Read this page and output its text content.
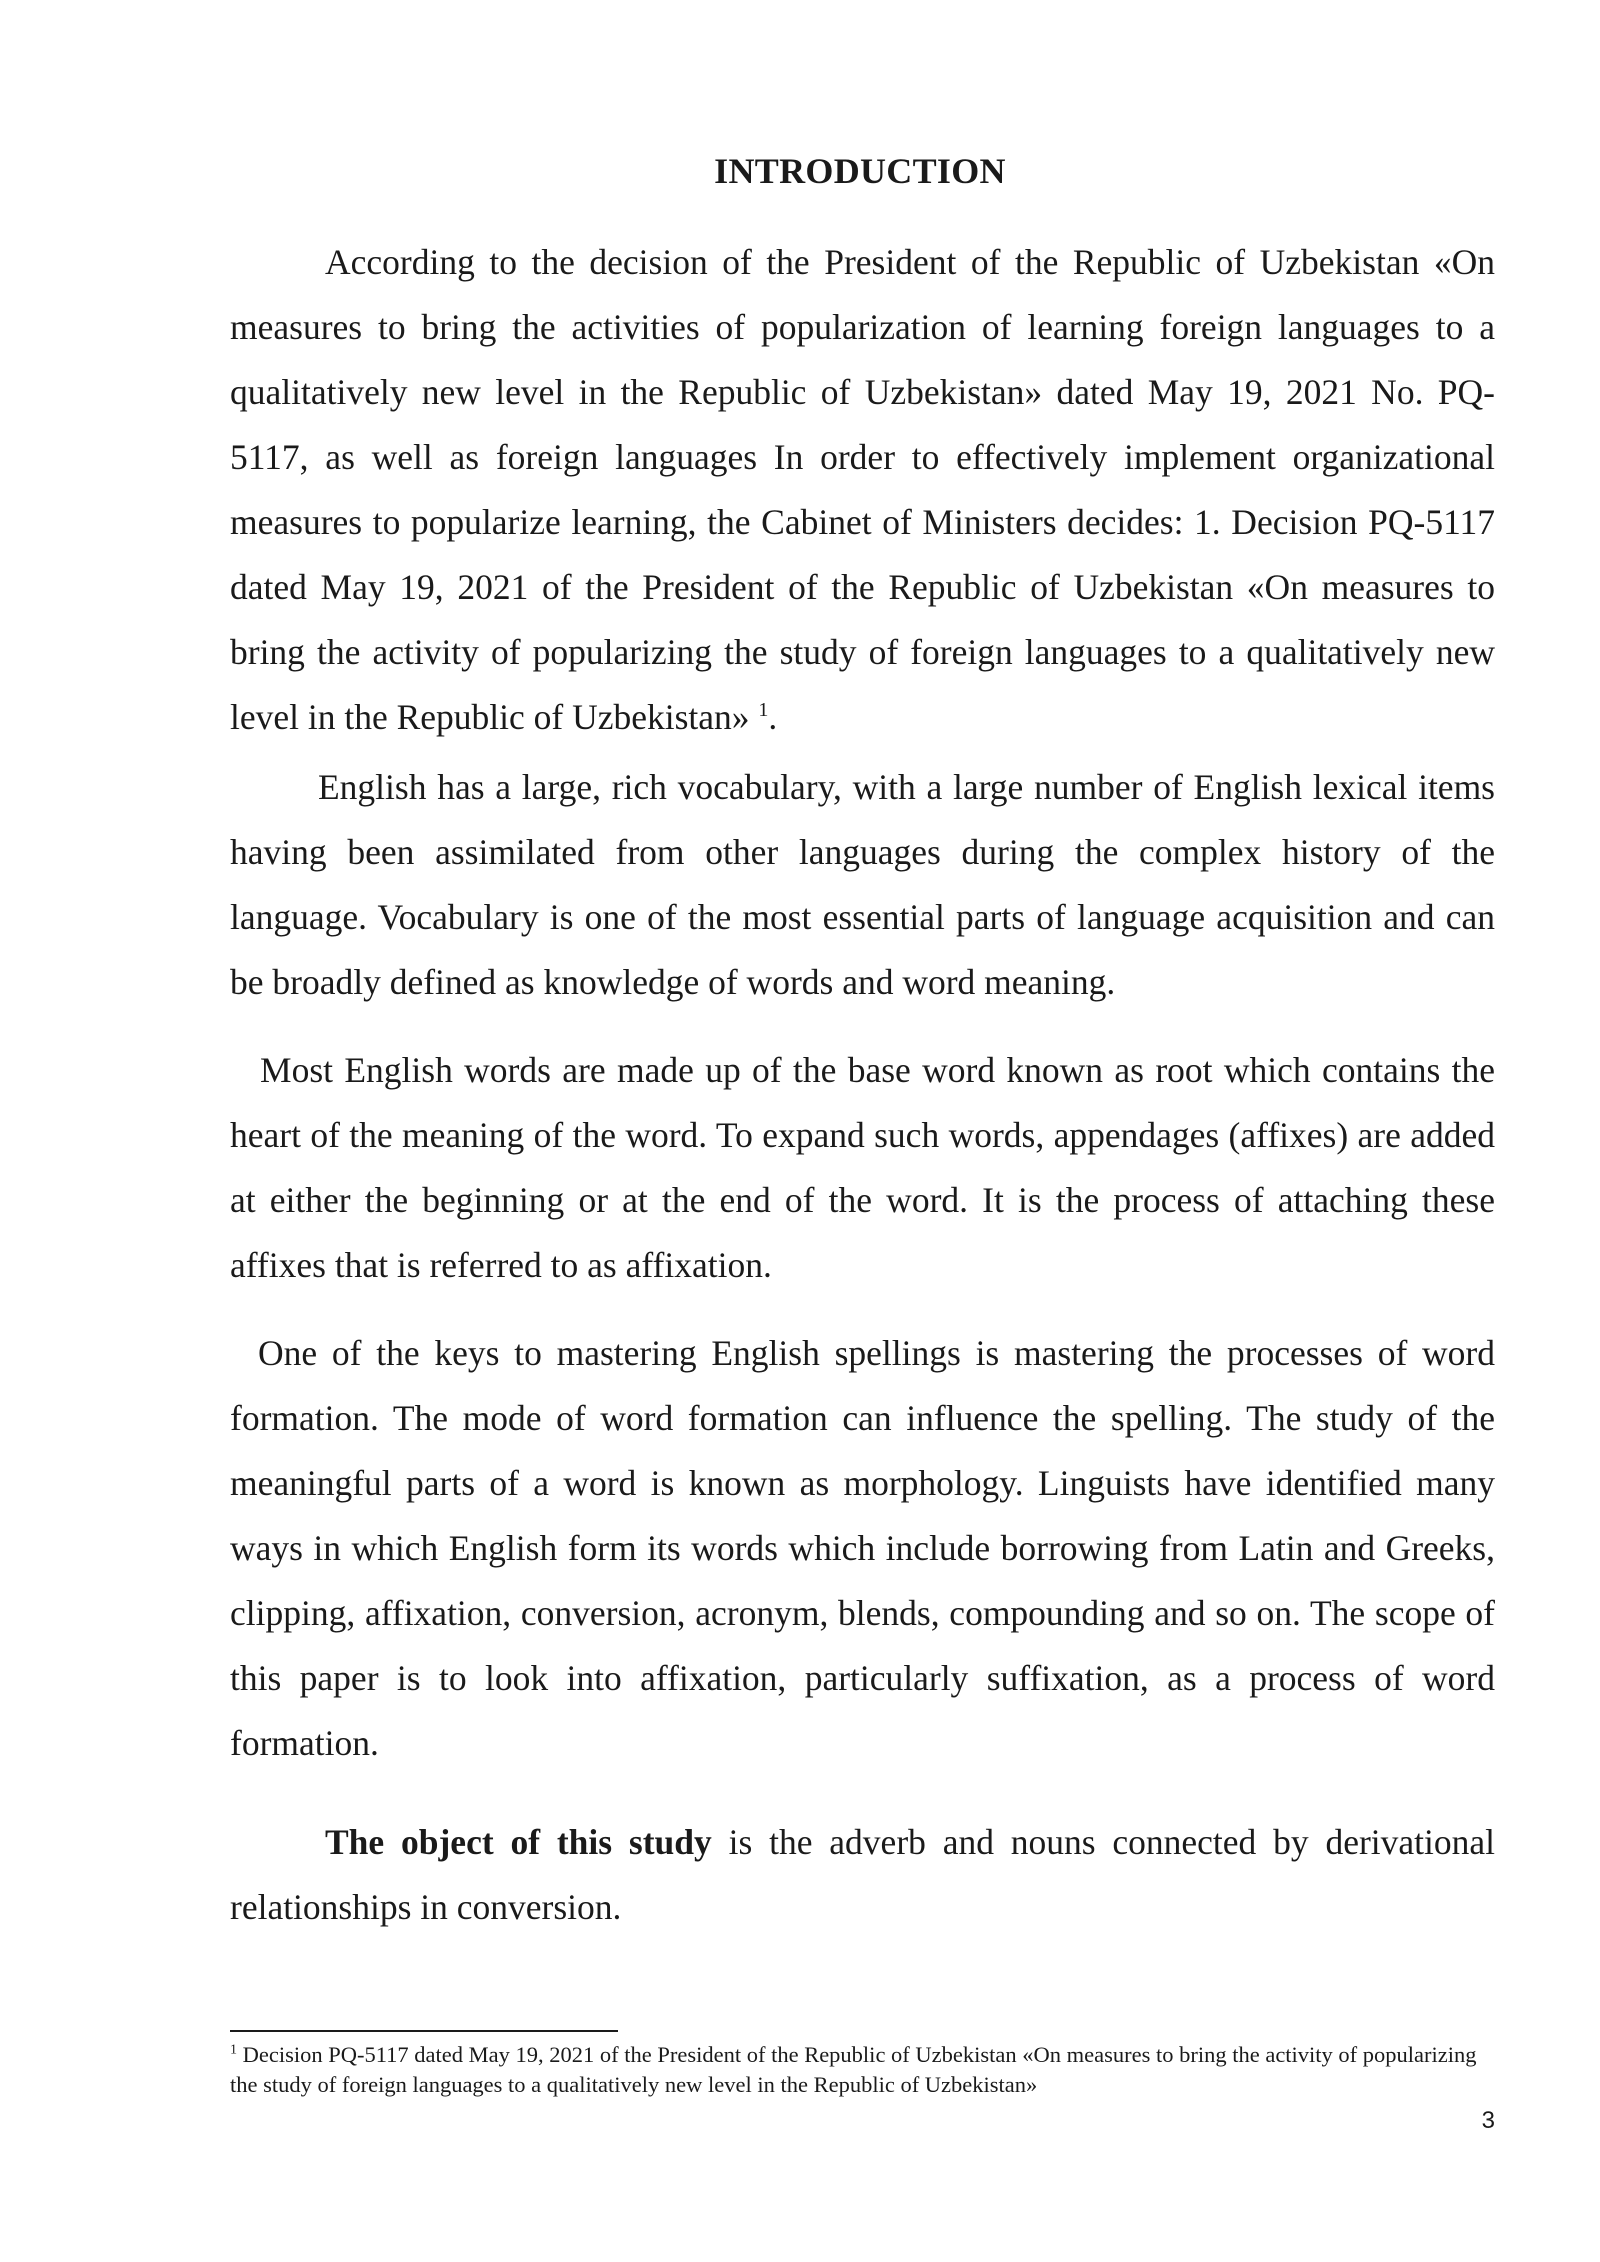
INTRODUCTION

According to the decision of the President of the Republic of Uzbekistan «On measures to bring the activities of popularization of learning foreign languages to a qualitatively new level in the Republic of Uzbekistan» dated May 19, 2021 No. PQ-5117, as well as foreign languages In order to effectively implement organizational measures to popularize learning, the Cabinet of Ministers decides: 1. Decision PQ-5117 dated May 19, 2021 of the President of the Republic of Uzbekistan «On measures to bring the activity of popularizing the study of foreign languages to a qualitatively new level in the Republic of Uzbekistan» $^1$.

English has a large, rich vocabulary, with a large number of English lexical items having been assimilated from other languages during the complex history of the language. Vocabulary is one of the most essential parts of language acquisition and can be broadly defined as knowledge of words and word meaning.

Most English words are made up of the base word known as root which contains the heart of the meaning of the word. To expand such words, appendages (affixes) are added at either the beginning or at the end of the word. It is the process of attaching these affixes that is referred to as affixation.

One of the keys to mastering English spellings is mastering the processes of word formation. The mode of word formation can influence the spelling. The study of the meaningful parts of a word is known as morphology. Linguists have identified many ways in which English form its words which include borrowing from Latin and Greeks, clipping, affixation, conversion, acronym, blends, compounding and so on. The scope of this paper is to look into affixation, particularly suffixation, as a process of word formation.

The object of this study is the adverb and nouns connected by derivational relationships in conversion.

$^1$ Decision PQ-5117 dated May 19, 2021 of the President of the Republic of Uzbekistan «On measures to bring the activity of popularizing the study of foreign languages to a qualitatively new level in the Republic of Uzbekistan»
3
